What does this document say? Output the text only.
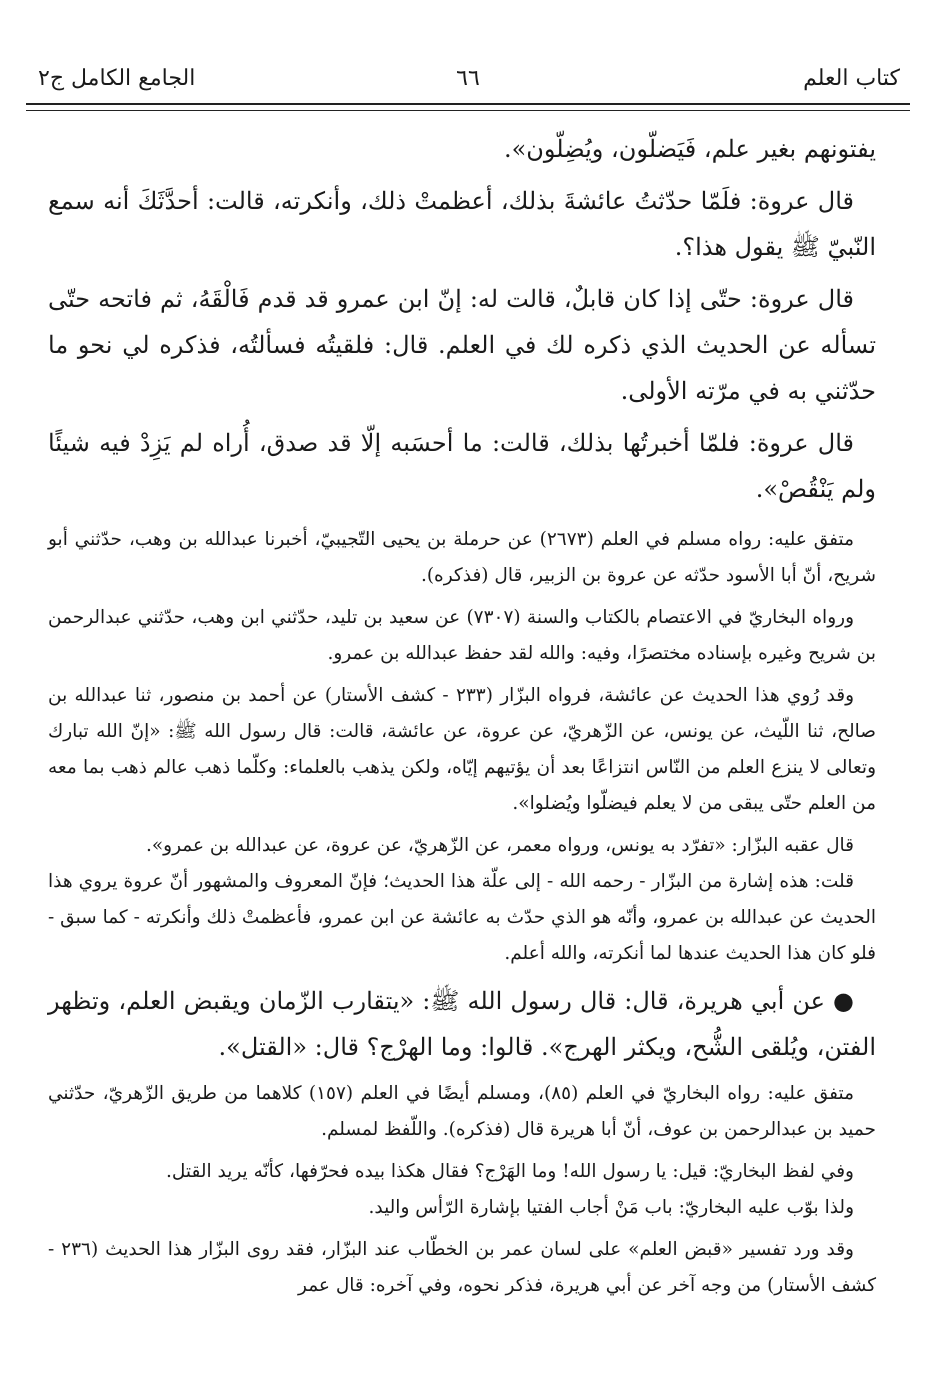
كتاب العلم
٦٦
الجامع الكامل ج٢

يفتونهم بغير علم، فَيَضلّون، ويُضِلّون».

قال عروة: فلَمّا حدّثتُ عائشةَ بذلك، أعظمتْ ذلك، وأنكرته، قالت: أحدَّثَكَ أنه سمع النّبيّ ﷺ يقول هذا؟.

قال عروة: حتّى إذا كان قابلٌ، قالت له: إنّ ابن عمرو قد قدم فَالْقَهُ، ثم فاتحه حتّى تسأله عن الحديث الذي ذكره لك في العلم. قال: فلقيتُه فسألتُه، فذكره لي نحو ما حدّثني به في مرّته الأولى.

قال عروة: فلمّا أخبرتُها بذلك، قالت: ما أحسَبه إلّا قد صدق، أُراه لم يَزِدْ فيه شيئًا ولم يَنْقُصْ».

متفق عليه: رواه مسلم في العلم (٢٦٧٣) عن حرملة بن يحيى التّجيبيّ، أخبرنا عبدالله بن وهب، حدّثني أبو شريح، أنّ أبا الأسود حدّثه عن عروة بن الزبير، قال (فذكره).

ورواه البخاريّ في الاعتصام بالكتاب والسنة (٧٣٠٧) عن سعيد بن تليد، حدّثني ابن وهب، حدّثني عبدالرحمن بن شريح وغيره بإسناده مختصرًا، وفيه: والله لقد حفظ عبدالله بن عمرو.

وقد رُوي هذا الحديث عن عائشة، فرواه البزّار (٢٣٣ - كشف الأستار) عن أحمد بن منصور، ثنا عبدالله بن صالح، ثنا اللّيث، عن يونس، عن الزّهريّ، عن عروة، عن عائشة، قالت: قال رسول الله ﷺ: «إنّ الله تبارك وتعالى لا ينزع العلم من النّاس انتزاعًا بعد أن يؤتيهم إيّاه، ولكن يذهب بالعلماء: وكلّما ذهب عالم ذهب بما معه من العلم حتّى يبقى من لا يعلم فيضلّوا ويُضلوا».

قال عقبه البزّار: «تفرّد به يونس، ورواه معمر، عن الزّهريّ، عن عروة، عن عبدالله بن عمرو».

قلت: هذه إشارة من البزّار - رحمه الله - إلى علّة هذا الحديث؛ فإنّ المعروف والمشهور أنّ عروة يروي هذا الحديث عن عبدالله بن عمرو، وأنّه هو الذي حدّث به عائشة عن ابن عمرو، فأعظمتْ ذلك وأنكرته - كما سبق - فلو كان هذا الحديث عندها لما أنكرته، والله أعلم.

● عن أبي هريرة، قال: قال رسول الله ﷺ: «يتقارب الزّمان ويقبض العلم، وتظهر الفتن، ويُلقى الشُّح، ويكثر الهرج». قالوا: وما الهرْج؟ قال: «القتل».

متفق عليه: رواه البخاريّ في العلم (٨٥)، ومسلم أيضًا في العلم (١٥٧) كلاهما من طريق الزّهريّ، حدّثني حميد بن عبدالرحمن بن عوف، أنّ أبا هريرة قال (فذكره). واللّفظ لمسلم.

وفي لفظ البخاريّ: قيل: يا رسول الله! وما الهَرْج؟ فقال هكذا بيده فحرّفها، كأنّه يريد القتل.

ولذا بوّب عليه البخاريّ: باب مَنْ أجاب الفتيا بإشارة الرّأس واليد.

وقد ورد تفسير «قبض العلم» على لسان عمر بن الخطّاب عند البزّار، فقد روى البزّار هذا الحديث (٢٣٦ - كشف الأستار) من وجه آخر عن أبي هريرة، فذكر نحوه، وفي آخره: قال عمر
